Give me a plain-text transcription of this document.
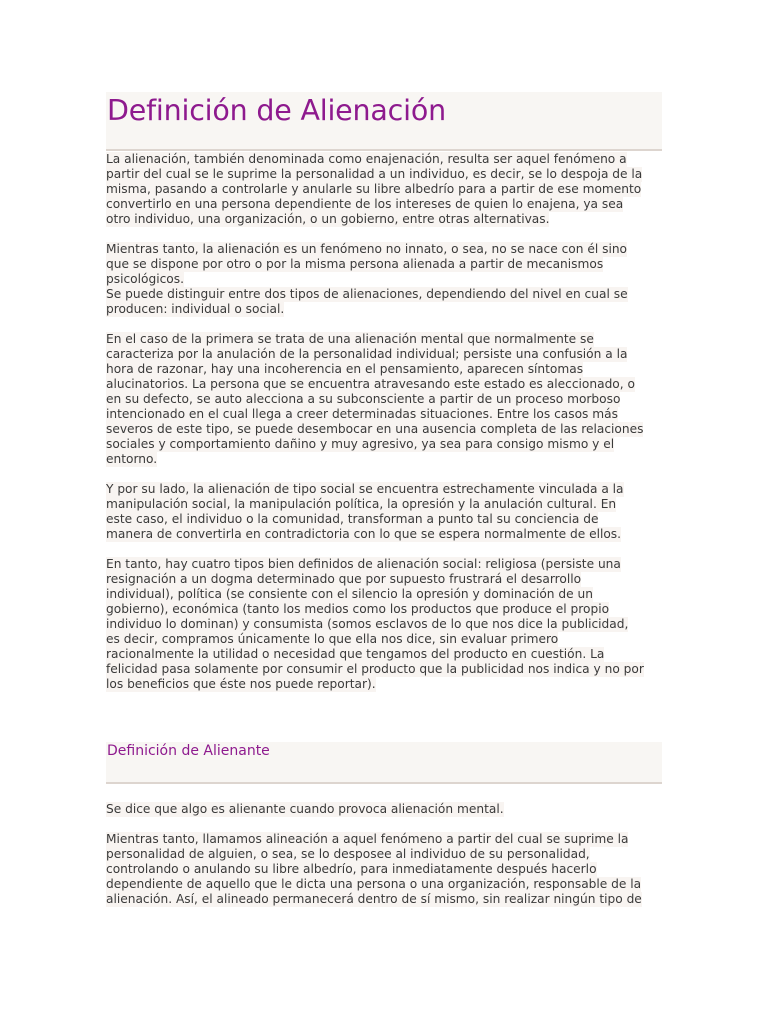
Definición de Alienación

La alienación, también denominada como enajenación, resulta ser aquel fenómeno a
partir del cual se le suprime la personalidad a un individuo, es decir, se lo despoja de la
misma, pasando a controlarle y anularle su libre albedrío para a partir de ese momento
convertirlo en una persona dependiente de los intereses de quien lo enajena, ya sea
otro individuo, una organización, o un gobierno, entre otras alternativas.

Mientras tanto, la alienación es un fenómeno no innato, o sea, no se nace con él sino
que se dispone por otro o por la misma persona alienada a partir de mecanismos
psicológicos.
Se puede distinguir entre dos tipos de alienaciones, dependiendo del nivel en cual se
producen: individual o social.

En el caso de la primera se trata de una alienación mental que normalmente se
caracteriza por la anulación de la personalidad individual; persiste una confusión a la
hora de razonar, hay una incoherencia en el pensamiento, aparecen síntomas
alucinatorios. La persona que se encuentra atravesando este estado es aleccionado, o
en su defecto, se auto alecciona a su subconsciente a partir de un proceso morboso
intencionado en el cual llega a creer determinadas situaciones. Entre los casos más
severos de este tipo, se puede desembocar en una ausencia completa de las relaciones
sociales y comportamiento dañino y muy agresivo, ya sea para consigo mismo y el
entorno.

Y por su lado, la alienación de tipo social se encuentra estrechamente vinculada a la
manipulación social, la manipulación política, la opresión y la anulación cultural. En
este caso, el individuo o la comunidad, transforman a punto tal su conciencia de
manera de convertirla en contradictoria con lo que se espera normalmente de ellos.

En tanto, hay cuatro tipos bien definidos de alienación social: religiosa (persiste una
resignación a un dogma determinado que por supuesto frustrará el desarrollo
individual), política (se consiente con el silencio la opresión y dominación de un
gobierno), económica (tanto los medios como los productos que produce el propio
individuo lo dominan) y consumista (somos esclavos de lo que nos dice la publicidad,
es decir, compramos únicamente lo que ella nos dice, sin evaluar primero
racionalmente la utilidad o necesidad que tengamos del producto en cuestión. La
felicidad pasa solamente por consumir el producto que la publicidad nos indica y no por
los beneficios que éste nos puede reportar).

Definición de Alienante

Se dice que algo es alienante cuando provoca alienación mental.

Mientras tanto, llamamos alineación a aquel fenómeno a partir del cual se suprime la
personalidad de alguien, o sea, se lo desposee al individuo de su personalidad,
controlando o anulando su libre albedrío, para inmediatamente después hacerlo
dependiente de aquello que le dicta una persona o una organización, responsable de la
alienación. Así, el alineado permanecerá dentro de sí mismo, sin realizar ningún tipo de
